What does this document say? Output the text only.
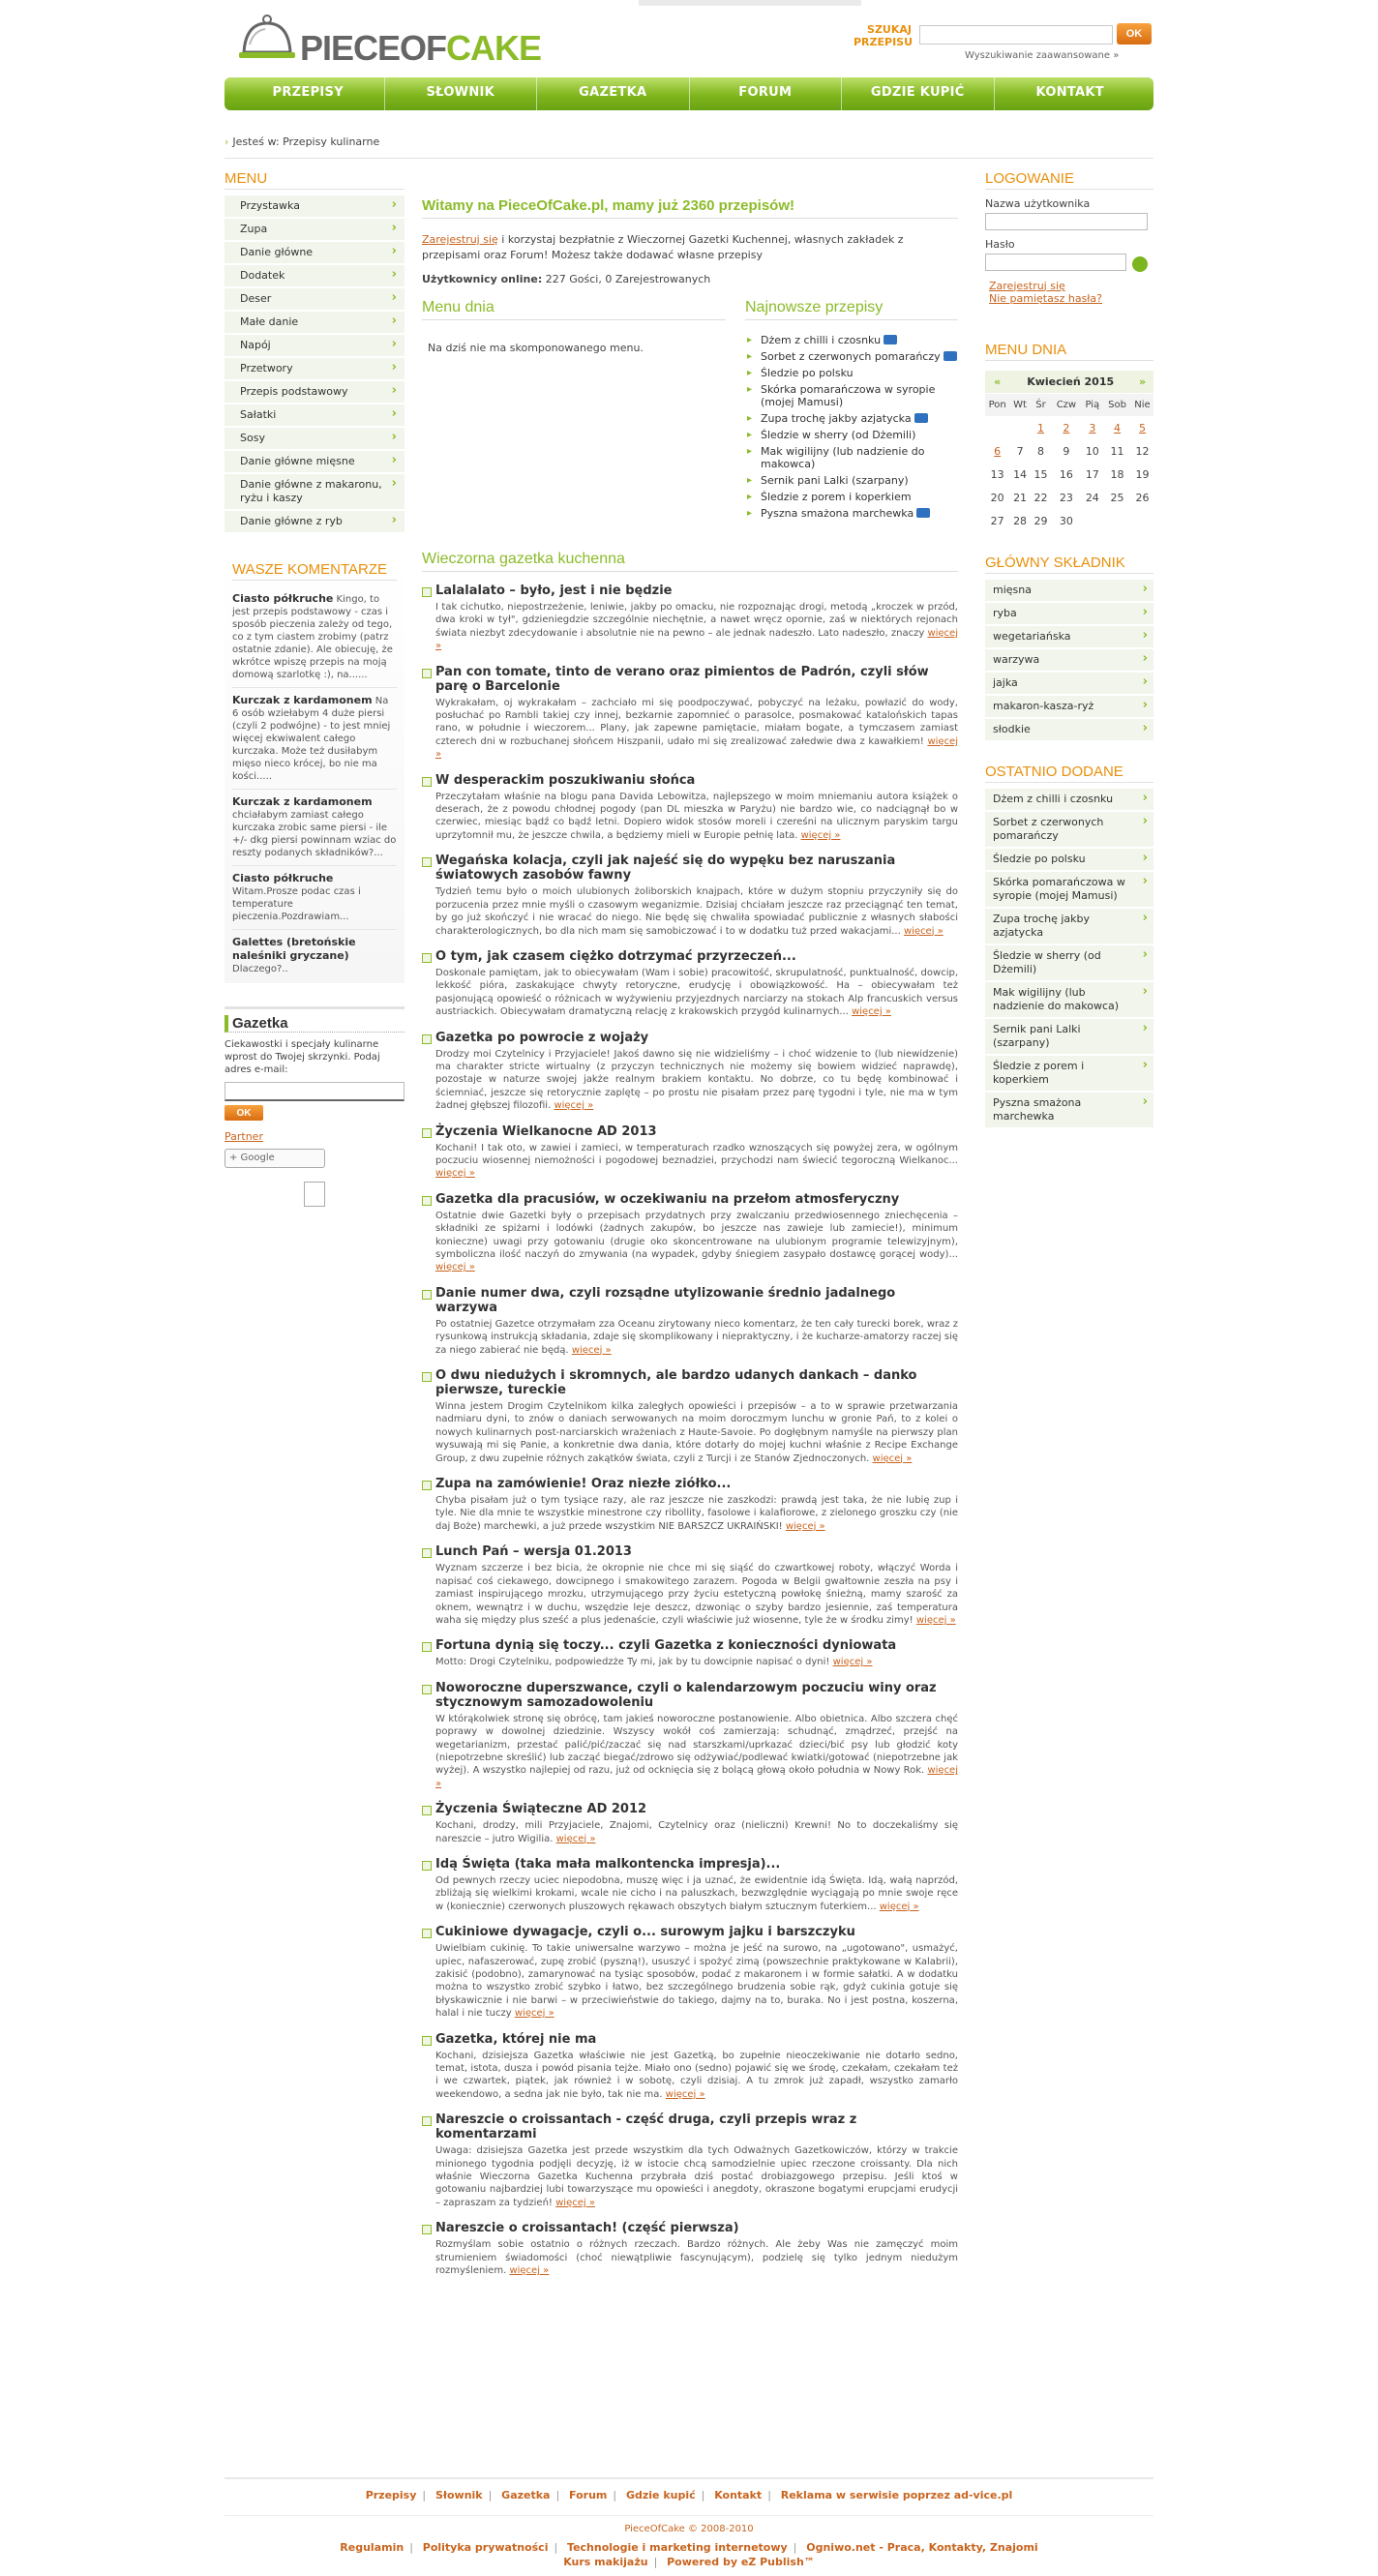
PIECEOFCAKE	SZUKAJ
PRZEPISU
OK
Wyszukiwanie zaawansowane »
PRZEPISY	SŁOWNIK	GAZETKA	FORUM	GDZIE KUPIĆ	KONTAKT
› Jesteś w: Przepisy kulinarne
MENU
Przystawka ›
Zupa ›
Danie główne ›
Dodatek ›
Deser ›
Małe danie ›
Napój ›
Przetwory ›
Przepis podstawowy ›
Sałatki ›
Sosy ›
Danie główne mięsne ›
Danie główne z makaronu, ryżu i kaszy ›
Danie główne z ryb ›
WASZE KOMENTARZE
Ciasto półkruche Kingo, to jest przepis podstawowy - czas i sposób pieczenia zależy od tego, co z tym ciastem zrobimy (patrz ostatnie zdanie). Ale obiecuję, że wkrótce wpiszę przepis na moją domową szarlotkę :), na......
Kurczak z kardamonem Na 6 osób wziełabym 4 duże piersi (czyli 2 podwójne) - to jest mniej więcej ekwiwalent całego kurczaka. Może też dusiłabym mięso nieco krócej, bo nie ma kości.....
Kurczak z kardamonem chciałabym zamiast całego kurczaka zrobic same piersi - ile +/- dkg piersi powinnam wziac do reszty podanych składników?...
Ciasto półkruche Witam.Prosze podac czas i temperature pieczenia.Pozdrawiam...
Galettes (bretońskie naleśniki gryczane) Dlaczego?..
Gazetka

Ciekawostki i specjały kulinarne wprost do Twojej skrzynki. Podaj adres e-mail:

OK
Partner
+ Google
Witamy na PieceOfCake.pl, mamy już 2360 przepisów!
Zarejestruj się i korzystaj bezpłatnie z Wieczornej Gazetki Kuchennej, własnych zakładek z przepisami oraz Forum! Możesz także dodawać własne przepisy
Użytkownicy online: 227 Gości, 0 Zarejestrowanych
Menu dnia

Na dziś nie ma skomponowanego menu.

Najnowsze przepisy
▸ Dżem z chilli i czosnku
▸ Sorbet z czerwonych pomarańczy
▸ Śledzie po polsku
▸ Skórka pomarańczowa w syropie (mojej Mamusi)
▸ Zupa trochę jakby azjatycka
▸ Śledzie w sherry (od Dżemili)
▸ Mak wigilijny (lub nadzienie do makowca)
▸ Sernik pani Lalki (szarpany)
▸ Śledzie z porem i koperkiem
▸ Pyszna smażona marchewka
Wieczorna gazetka kuchenna
Lalalalato – było, jest i nie będzie

I tak cichutko, niepostrzeżenie, leniwie, jakby po omacku, nie rozpoznając drogi, metodą „kroczek w przód, dwa kroki w tył", gdzieniegdzie szczególnie niechętnie, a nawet wręcz opornie, zaś w niektórych rejonach świata niezbyt zdecydowanie i absolutnie nie na pewno – ale jednak nadeszło. Lato nadeszło, znaczy więcej »

Pan con tomate, tinto de verano oraz pimientos de Padrón, czyli słów parę o Barcelonie

Wykrakałam, oj wykrakałam – zachciało mi się poodpoczywać, pobyczyć na leżaku, powłazić do wody, posłuchać po Rambli takiej czy innej, bezkarnie zapomnieć o parasolce, posmakować katalońskich tapas rano, w południe i wieczorem... Plany, jak zapewne pamiętacie, miałam bogate, a tymczasem zamiast czterech dni w rozbuchanej słońcem Hiszpanii, udało mi się zrealizować załedwie dwa z kawałkiem! więcej »

W desperackim poszukiwaniu słońca

Przeczytałam właśnie na blogu pana Davida Lebowitza, najlepszego w moim mniemaniu autora książek o deserach, że z powodu chłodnej pogody (pan DL mieszka w Paryżu) nie bardzo wie, co nadciągnął bo w czerwiec, miesiąc bądź co bądź letni. Dopiero widok stosów moreli i czereśni na ulicznym paryskim targu uprzytomnił mu, że jeszcze chwila, a będziemy mieli w Europie pełnię lata. więcej »

Wegańska kolacja, czyli jak najeść się do wypęku bez naruszania światowych zasobów fawny

Tydzień temu było o moich ulubionych żoliborskich knajpach, które w dużym stopniu przyczyniły się do porzucenia przez mnie myśli o czasowym weganizmie. Dzisiaj chciałam jeszcze raz przeciągnąć ten temat, by go już skończyć i nie wracać do niego. Nie będę się chwaliła spowiadać publicznie z własnych słabości charakterologicznych, bo dla nich mam się samobiczować i to w dodatku tuż przed wakacjami... więcej »

O tym, jak czasem ciężko dotrzymać przyrzeczeń...

Doskonale pamiętam, jak to obiecywałam (Wam i sobie) pracowitość, skrupulatność, punktualność, dowcip, lekkość pióra, zaskakujące chwyty retoryczne, erudycję i obowiązkowość. Ha – obiecywałam też pasjonującą opowieść o różnicach w wyżywieniu przyjezdnych narciarzy na stokach Alp francuskich versus austriackich. Obiecywałam dramatyczną relację z krakowskich przygód kulinarnych... więcej »

Gazetka po powrocie z wojaży

Drodzy moi Czytelnicy i Przyjaciele! Jakoś dawno się nie widzieliśmy – i choć widzenie to (lub niewidzenie) ma charakter stricte wirtualny (z przyczyn technicznych nie możemy się bowiem widzieć naprawdę), pozostaje w naturze swojej jakże realnym brakiem kontaktu. No dobrze, co tu będę kombinować i ściemniać, jeszcze się retorycznie zaplętę – po prostu nie pisałam przez parę tygodni i tyle, nie ma w tym żadnej głębszej filozofii. więcej »

Życzenia Wielkanocne AD 2013

Kochani! I tak oto, w zawiei i zamieci, w temperaturach rzadko wznoszących się powyżej zera, w ogólnym poczuciu wiosennej niemożności i pogodowej beznadziei, przychodzi nam świecić tegoroczną Wielkanoc... więcej »

Gazetka dla pracusiów, w oczekiwaniu na przełom atmosferyczny

Ostatnie dwie Gazetki były o przepisach przydatnych przy zwalczaniu przedwiosennego zniechęcenia – składniki ze spiżarni i lodówki (żadnych zakupów, bo jeszcze nas zawieje lub zamiecie!), minimum konieczne) uwagi przy gotowaniu (drugie oko skoncentrowane na ulubionym programie telewizyjnym), symboliczna ilość naczyń do zmywania (na wypadek, gdyby śniegiem zasypało dostawcę gorącej wody)... więcej »

Danie numer dwa, czyli rozsądne utylizowanie średnio jadalnego warzywa

Po ostatniej Gazetce otrzymałam zza Oceanu zirytowany nieco komentarz, że ten cały turecki borek, wraz z rysunkową instrukcją składania, zdaje się skomplikowany i niepraktyczny, i że kucharze-amatorzy raczej się za niego zabierać nie będą. więcej »

O dwu niedużych i skromnych, ale bardzo udanych dankach – danko pierwsze, tureckie

Winna jestem Drogim Czytelnikom kilka zaległych opowieści i przepisów – a to w sprawie przetwarzania nadmiaru dyni, to znów o daniach serwowanych na moim doroczmym lunchu w gronie Pań, to z kolei o nowych kulinarnych post-narciarskich wrażeniach z Haute-Savoie. Po dogłębnym namyśle na pierwszy plan wysuwają mi się Panie, a konkretnie dwa dania, które dotarły do mojej kuchni właśnie z Recipe Exchange Group, z dwu zupełnie różnych zakątków świata, czyli z Turcji i ze Stanów Zjednoczonych. więcej »

Zupa na zamówienie! Oraz niezłe ziółko...

Chyba pisałam już o tym tysiące razy, ale raz jeszcze nie zaszkodzi: prawdą jest taka, że nie lubię zup i tyle. Nie dla mnie te wszystkie minestrone czy ribollity, fasolowe i kalafiorowe, z zielonego groszku czy (nie daj Boże) marchewki, a już przede wszystkim NIE BARSZCZ UKRAIŃSKI! więcej »

Lunch Pań – wersja 01.2013

Wyznam szczerze i bez bicia, że okropnie nie chce mi się siąść do czwartkowej roboty, włączyć Worda i napisać coś ciekawego, dowcipnego i smakowitego zarazem. Pogoda w Belgii gwałtownie zeszła na psy i zamiast inspirującego mrozku, utrzymującego przy życiu estetyczną powłokę śnieżną, mamy szarość za oknem, wewnątrz i w duchu, wszędzie leje deszcz, dzwoniąc o szyby bardzo jesiennie, zaś temperatura waha się między plus sześć a plus jedenaście, czyli właściwie już wiosenne, tyle że w środku zimy! więcej »

Fortuna dynią się toczy... czyli Gazetka z konieczności dyniowata

Motto: Drogi Czytelniku, podpowiedzże Ty mi, jak by tu dowcipnie napisać o dyni! więcej »

Noworoczne duperszwance, czyli o kalendarzowym poczuciu winy oraz stycznowym samozadowoleniu

W którąkolwiek stronę się obrócę, tam jakieś noworoczne postanowienie. Albo obietnica. Albo szczera chęć poprawy w dowolnej dziedzinie. Wszyscy wokół coś zamierzają: schudnąć, zmądrzeć, przejść na wegetarianizm, przestać palić/pić/zaczać się nad starszkami/uprkazać dzieci/bić psy lub głodzić koty (niepotrzebne skreślić) lub zacząć biegać/zdrowo się odżywiać/podlewać kwiatki/gotować (niepotrzebne jak wyżej). A wszystko najlepiej od razu, już od ocknięcia się z bolącą głową około południa w Nowy Rok. więcej »

Życzenia Świąteczne AD 2012

Kochani, drodzy, mili Przyjaciele, Znajomi, Czytelnicy oraz (nieliczni) Krewni! No to doczekaliśmy się nareszcie – jutro Wigilia. więcej »

Idą Święta (taka mała malkontencka impresja)...

Od pewnych rzeczy uciec niepodobna, muszę więc i ja uznać, że ewidentnie idą Święta. Idą, wałą naprzód, zbliżają się wielkimi krokami, wcale nie cicho i na paluszkach, bezwzględnie wyciągają po mnie swoje ręce w (koniecznie) czerwonych pluszowych rękawach obszytych białym sztucznym futerkiem... więcej »

Cukiniowe dywagacje, czyli o... surowym jajku i barszczyku

Uwielbiam cukinię. To takie uniwersalne warzywo – można je jeść na surowo, na „ugotowano", usmażyć, upiec, nafaszerować, zupę zrobić (pyszną!), ususzyć i spożyć zimą (powszechnie praktykowane w Kalabrii), zakisić (podobno), zamarynować na tysiąc sposobów, podać z makaronem i w formie sałatki. A w dodatku można to wszystko zrobić szybko i łatwo, bez szczególnego brudzenia sobie rąk, gdyż cukinia gotuje się błyskawicznie i nie barwi – w przeciwieństwie do takiego, dajmy na to, buraka. No i jest postna, koszerna, halal i nie tuczy więcej »

Gazetka, której nie ma

Kochani, dzisiejsza Gazetka właściwie nie jest Gazetką, bo zupełnie nieoczekiwanie nie dotarło sedno, temat, istota, dusza i powód pisania tejże. Miało ono (sedno) pojawić się we środę, czekałam, czekałam też i we czwartek, piątek, jak również i w sobotę, czyli dzisiaj. A tu zmrok już zapadł, wszystko zamarło weekendowo, a sedna jak nie było, tak nie ma. więcej »

Nareszcie o croissantach - część druga, czyli przepis wraz z komentarzami

Uwaga: dzisiejsza Gazetka jest przede wszystkim dla tych Odważnych Gazetkowiczów, którzy w trakcie minionego tygodnia podjęli decyzję, iż w istocie chcą samodzielnie upiec rzeczone croissanty. Dla nich właśnie Wieczorna Gazetka Kuchenna przybrała dziś postać drobiazgowego przepisu. Jeśli ktoś w gotowaniu najbardziej lubi towarzyszące mu opowieści i anegdoty, okraszone bogatymi erupcjami erudycji – zapraszam za tydzień! więcej »

Nareszcie o croissantach! (część pierwsza)

Rozmyślam sobie ostatnio o różnych rzeczach. Bardzo różnych. Ale żeby Was nie zamęczyć moim strumieniem świadomości (choć niewątpliwie fascynującym), podzielę się tylko jednym niedużym rozmyśleniem. więcej »

LOGOWANIE
Nazwa użytkownika
Hasło
Zarejestruj się
Nie pamiętasz hasła?
MENU DNIA
«	Kwiecień 2015					»
Pon	Wt	Śr	Czw	Pią	Sob	Nie
		1	2	3	4	5
6	7	8	9	10	11	12
13	14	15	16	17	18	19
20	21	22	23	24	25	26
27	28	29	30			
GŁÓWNY SKŁADNIK
mięsna ›
ryba ›
wegetariańska ›
warzywa ›
jajka ›
makaron-kasza-ryż ›
słodkie ›
OSTATNIO DODANE
Dżem z chilli i czosnku ›
Sorbet z czerwonych pomarańczy ›
Śledzie po polsku ›
Skórka pomarańczowa w syropie (mojej Mamusi) ›
Zupa trochę jakby azjatycka ›
Śledzie w sherry (od Dżemili) ›
Mak wigilijny (lub nadzienie do makowca) ›
Sernik pani Lalki (szarpany) ›
Śledzie z porem i koperkiem ›
Pyszna smażona marchewka ›
Przepisy | Słownik | Gazetka | Forum | Gdzie kupić | Kontakt | Reklama w serwisie poprzez ad-vice.pl
PieceOfCake © 2008-2010
Regulamin | Polityka prywatności | Technologie i marketing internetowy | Ogniwo.net - Praca, Kontakty, Znajomi
Kurs makijażu | Powered by eZ Publish™
